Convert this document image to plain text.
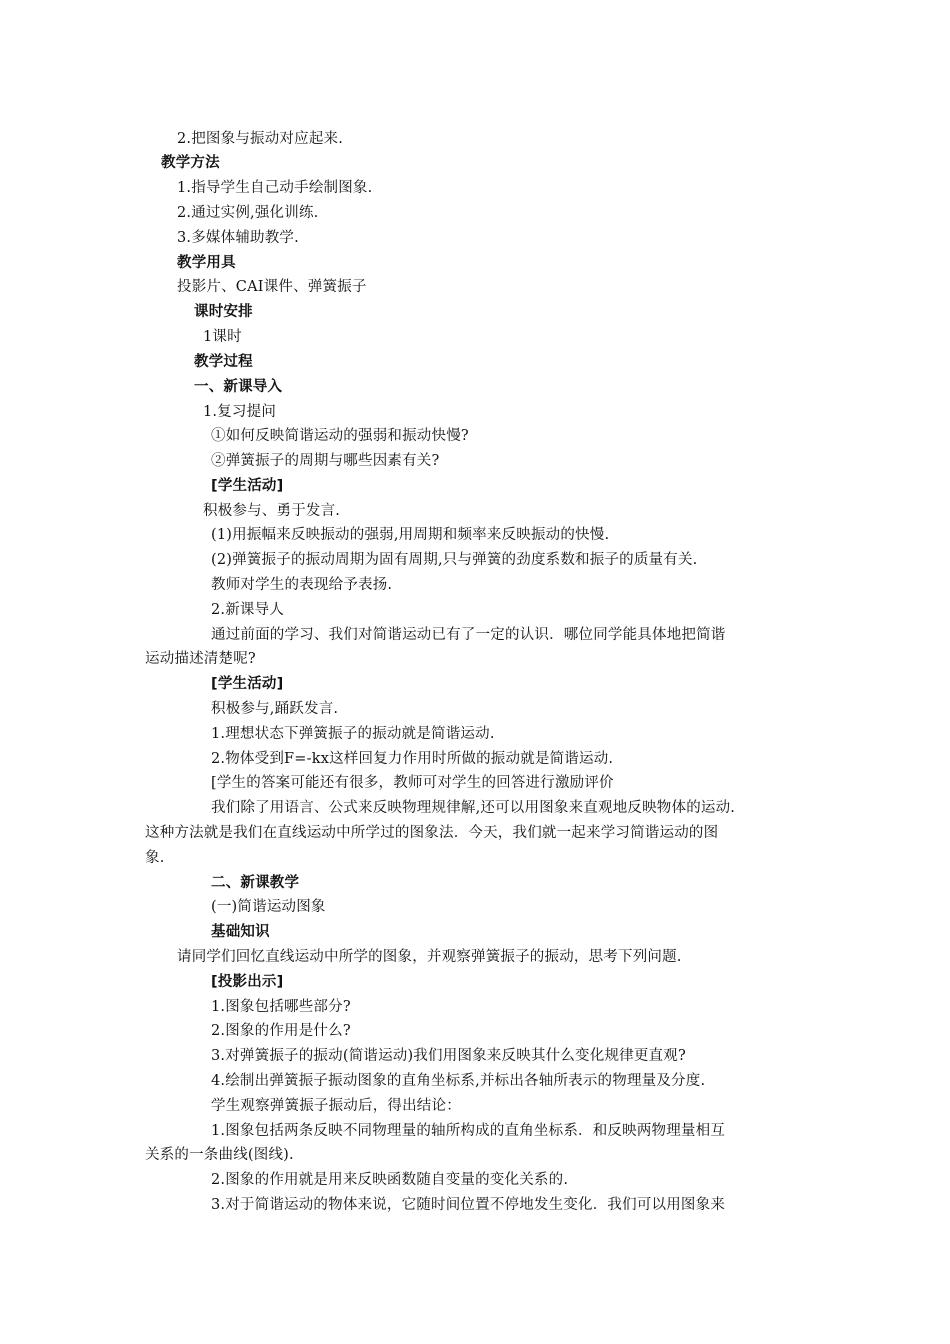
2.把图象与振动对应起来.
教学方法
1.指导学生自己动手绘制图象.
2.通过实例,强化训练.
3.多媒体辅助教学.
教学用具
投影片、CAI课件、弹簧振子
课时安排
1课时
教学过程
一、新课导入
1.复习提问
①如何反映简谐运动的强弱和振动快慢?
②弹簧振子的周期与哪些因素有关?
[学生活动]
积极参与、勇于发言.
(1)用振幅来反映振动的强弱,用周期和频率来反映振动的快慢.
(2)弹簧振子的振动周期为固有周期,只与弹簧的劲度系数和振子的质量有关.
教师对学生的表现给予表扬.
2.新课导人
通过前面的学习、我们对简谐运动已有了一定的认识．哪位同学能具体地把简谐
运动描述清楚呢?
[学生活动]
积极参与,踊跃发言.
1.理想状态下弹簧振子的振动就是简谐运动.
2.物体受到F=-kx这样回复力作用时所做的振动就是简谐运动.
[学生的答案可能还有很多，教师可对学生的回答进行激励评价
我们除了用语言、公式来反映物理规律解,还可以用图象来直观地反映物体的运动.
这种方法就是我们在直线运动中所学过的图象法．今天，我们就一起来学习简谐运动的图
象.
二、新课教学
(一)简谐运动图象
基础知识
请同学们回忆直线运动中所学的图象，并观察弹簧振子的振动，思考下列问题.
[投影出示]
1.图象包括哪些部分?
2.图象的作用是什么?
3.对弹簧振子的振动(简谐运动)我们用图象来反映其什么变化规律更直观?
4.绘制出弹簧振子振动图象的直角坐标系,并标出各轴所表示的物理量及分度.
学生观察弹簧振子振动后，得出结论：
1.图象包括两条反映不同物理量的轴所构成的直角坐标系．和反映两物理量相互
关系的一条曲线(图线).
2.图象的作用就是用来反映函数随自变量的变化关系的.
3.对于简谐运动的物体来说，它随时间位置不停地发生变化．我们可以用图象来
